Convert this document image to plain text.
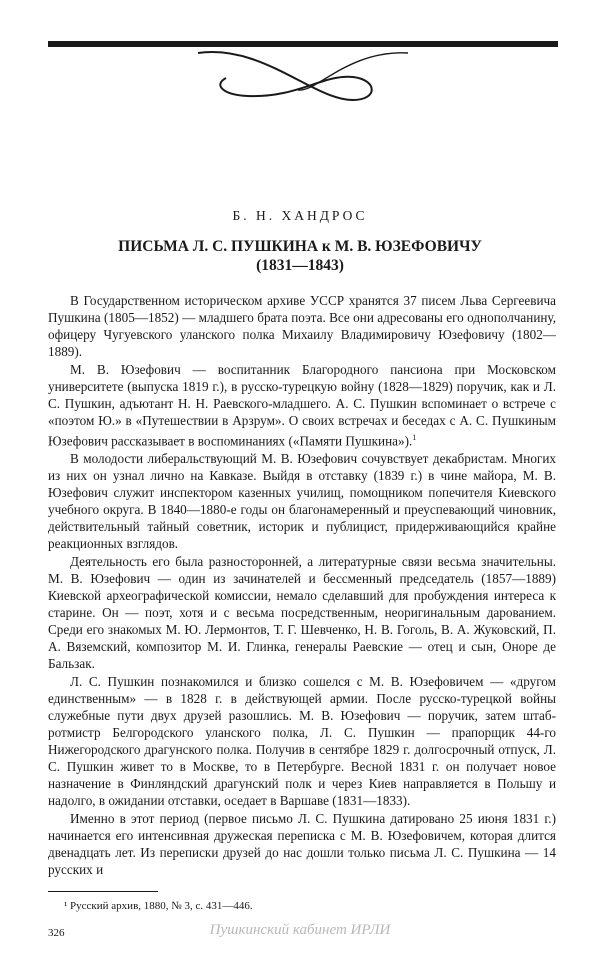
Б. Н. ХАНДРОС
ПИСЬМА Л. С. ПУШКИНА к М. В. ЮЗЕФОВИЧУ
(1831—1843)

В Государственном историческом архиве УССР хранятся 37 писем Льва Сергеевича Пушкина (1805—1852) — младшего брата поэта. Все они адресованы его однополчанину, офицеру Чугуевского уланского полка Михаилу Владимировичу Юзефовичу (1802—1889).

М. В. Юзефович — воспитанник Благородного пансиона при Московском университете (выпуска 1819 г.), в русско-турецкую войну (1828—1829) поручик, как и Л. С. Пушкин, адъютант Н. Н. Раевского-младшего. А. С. Пушкин вспоминает о встрече с «поэтом Ю.» в «Путешествии в Арзрум». О своих встречах и беседах с А. С. Пушкиным Юзефович рассказывает в воспоминаниях («Памяти Пушкина»).$^1$

В молодости либеральствующий М. В. Юзефович сочувствует декабристам. Многих из них он узнал лично на Кавказе. Выйдя в отставку (1839 г.) в чине майора, М. В. Юзефович служит инспектором казенных училищ, помощником попечителя Киевского учебного округа. В 1840—1880-е годы он благонамеренный и преуспевающий чиновник, действительный тайный советник, историк и публицист, придерживающийся крайне реакционных взглядов.

Деятельность его была разносторонней, а литературные связи весьма значительны. М. В. Юзефович — один из зачинателей и бессменный председатель (1857—1889) Киевской археографической комиссии, немало сделавший для пробуждения интереса к старине. Он — поэт, хотя и с весьма посредственным, неоригинальным дарованием. Среди его знакомых М. Ю. Лермонтов, Т. Г. Шевченко, Н. В. Гоголь, В. А. Жуковский, П. А. Вяземский, композитор М. И. Глинка, генералы Раевские — отец и сын, Оноре де Бальзак.

Л. С. Пушкин познакомился и близко сошелся с М. В. Юзефовичем — «другом единственным» — в 1828 г. в действующей армии. После русско-турецкой войны служебные пути двух друзей разошлись. М. В. Юзефович — поручик, затем штаб-ротмистр Белгородского уланского полка, Л. С. Пушкин — прапорщик 44-го Нижегородского драгунского полка. Получив в сентябре 1829 г. долгосрочный отпуск, Л. С. Пушкин живет то в Москве, то в Петербурге. Весной 1831 г. он получает новое назначение в Финляндский драгунский полк и через Киев направляется в Польшу и надолго, в ожидании отставки, оседает в Варшаве (1831—1833).

Именно в этот период (первое письмо Л. С. Пушкина датировано 25 июня 1831 г.) начинается его интенсивная дружеская переписка с М. В. Юзефовичем, которая длится двенадцать лет. Из переписки друзей до нас дошли только письма Л. С. Пушкина — 14 русских и

¹ Русский архив, 1880, № 3, с. 431—446.
326	Пушкинский кабинет ИРЛИ
